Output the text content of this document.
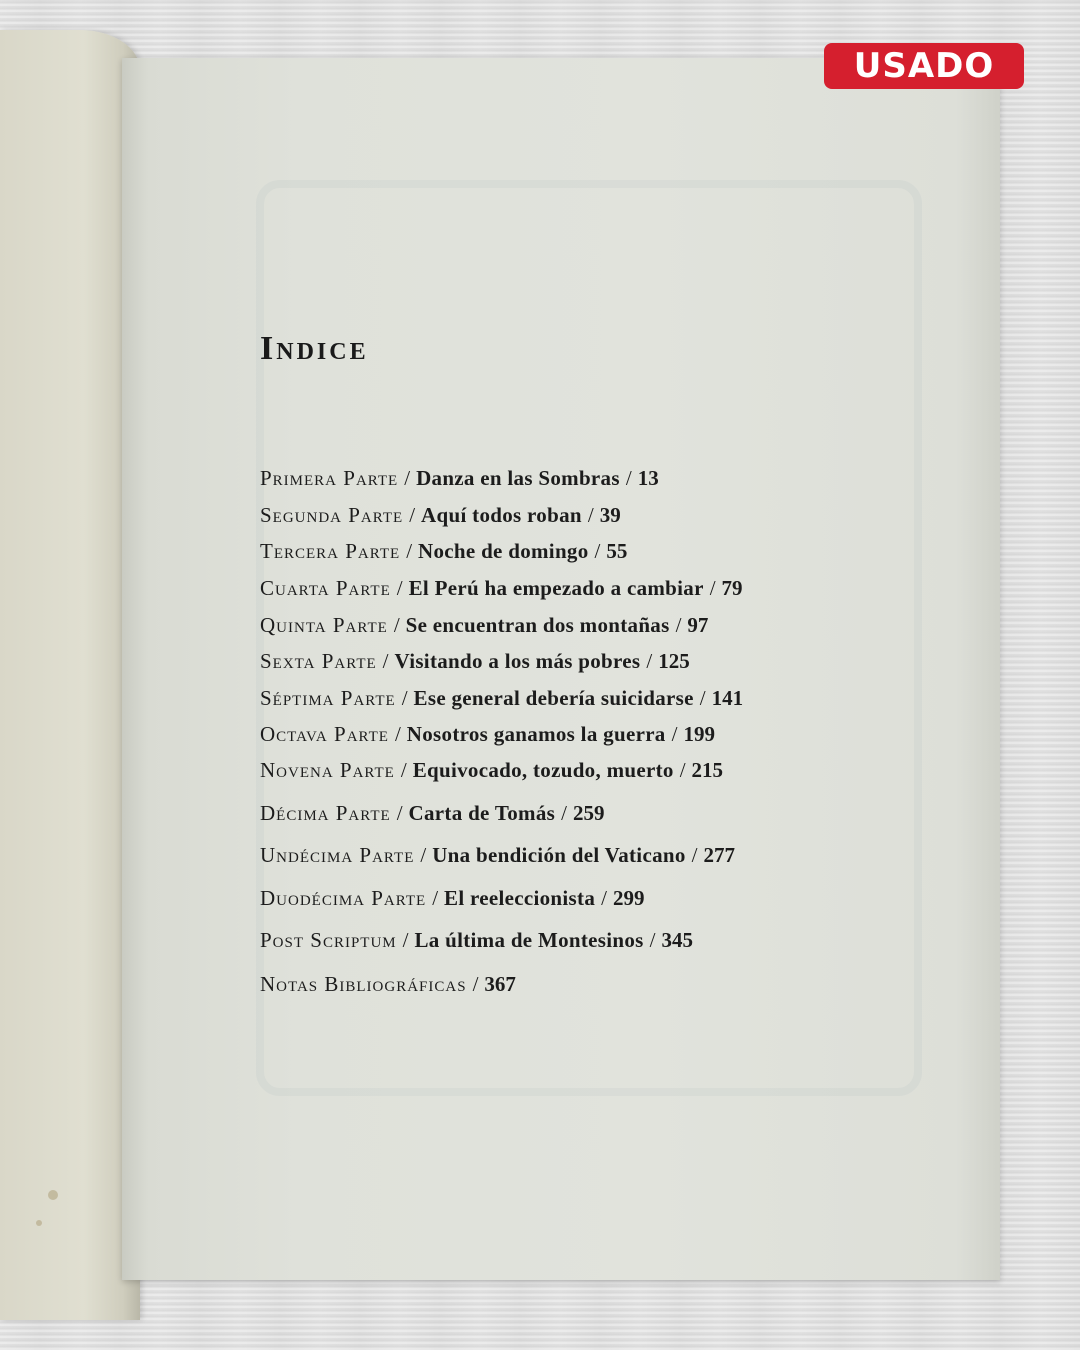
USADO
Indice
Primera Parte / Danza en las Sombras / 13
Segunda Parte / Aquí todos roban / 39
Tercera Parte / Noche de domingo / 55
Cuarta Parte / El Perú ha empezado a cambiar / 79
Quinta Parte / Se encuentran dos montañas / 97
Sexta Parte / Visitando a los más pobres / 125
Séptima Parte / Ese general debería suicidarse / 141
Octava Parte / Nosotros ganamos la guerra / 199
Novena Parte / Equivocado, tozudo, muerto / 215
Décima Parte / Carta de Tomás / 259
Undécima Parte / Una bendición del Vaticano / 277
Duodécima Parte / El reeleccionista / 299
Post Scriptum / La última de Montesinos / 345
Notas Bibliográficas / 367
